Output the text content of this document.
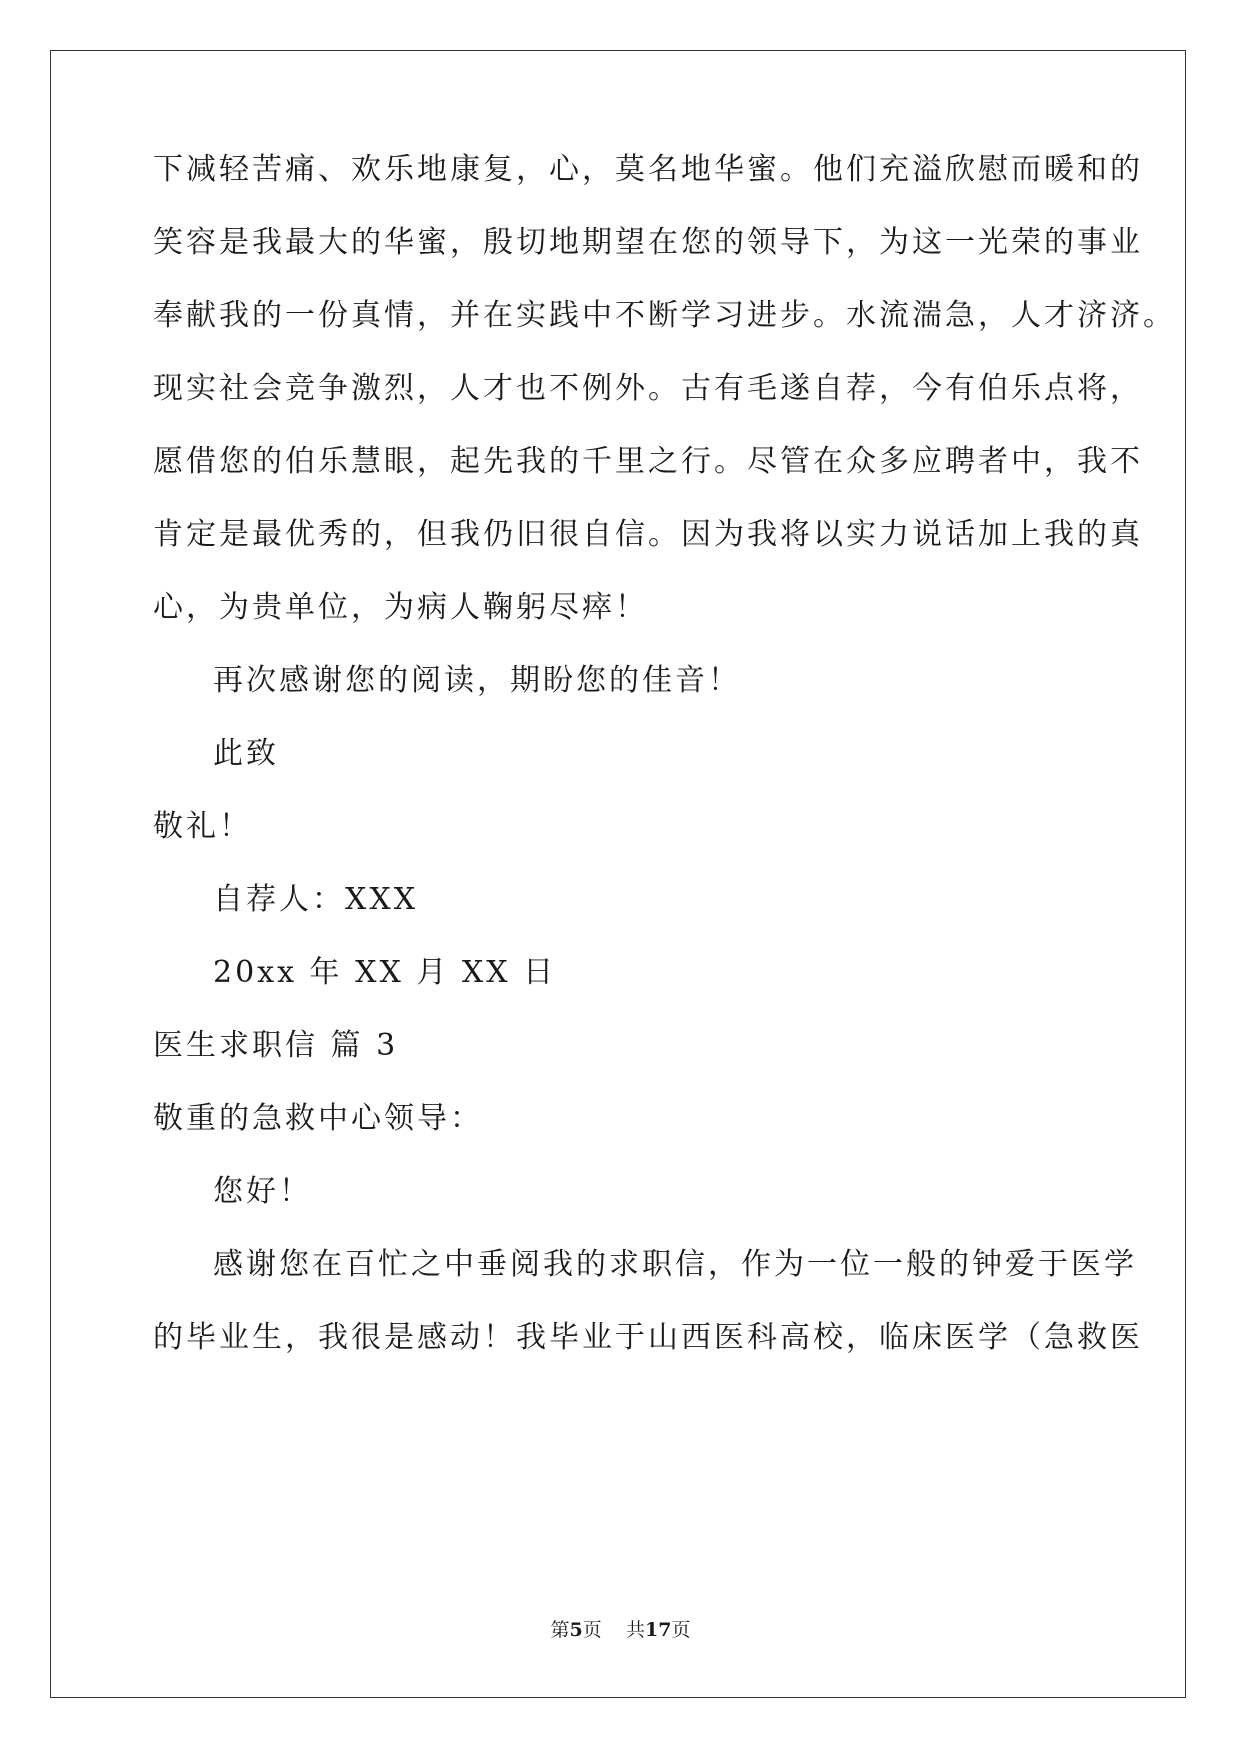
下减轻苦痛、欢乐地康复，心，莫名地华蜜。他们充溢欣慰而暖和的
笑容是我最大的华蜜，殷切地期望在您的领导下，为这一光荣的事业
奉献我的一份真情，并在实践中不断学习进步。水流湍急，人才济济。
现实社会竞争激烈，人才也不例外。古有毛遂自荐，今有伯乐点将，
愿借您的伯乐慧眼，起先我的千里之行。尽管在众多应聘者中，我不
肯定是最优秀的，但我仍旧很自信。因为我将以实力说话加上我的真
心，为贵单位，为病人鞠躬尽瘁！
再次感谢您的阅读，期盼您的佳音！
此致
敬礼！
自荐人：XXX
20xx 年 XX 月 XX 日
医生求职信 篇 3
敬重的急救中心领导：
您好！
感谢您在百忙之中垂阅我的求职信，作为一位一般的钟爱于医学
的毕业生，我很是感动！我毕业于山西医科高校，临床医学（急救医
第5页 共17页
